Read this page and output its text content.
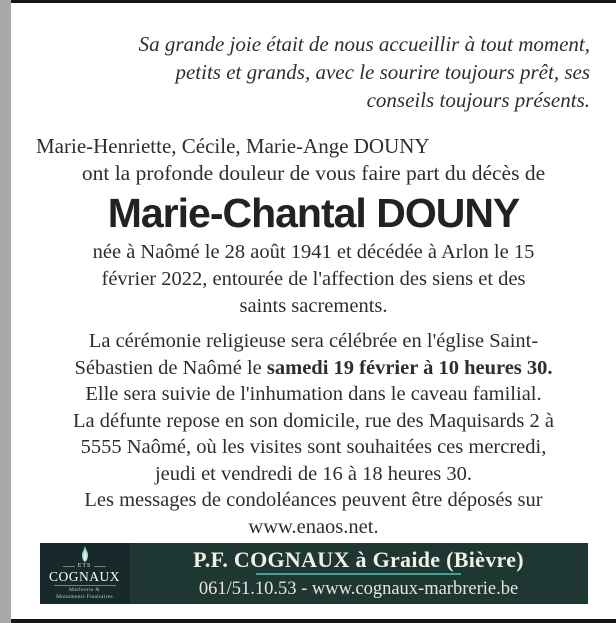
Sa grande joie était de nous accueillir à tout moment,
petits et grands, avec le sourire toujours prêt, ses
conseils toujours présents.
Marie-Henriette, Cécile, Marie-Ange DOUNY
ont la profonde douleur de vous faire part du décès de
Marie-Chantal DOUNY
née à Naômé le 28 août 1941 et décédée à Arlon le 15
février 2022, entourée de l'affection des siens et des
saints sacrements.
La cérémonie religieuse sera célébrée en l'église Saint-
Sébastien de Naômé le samedi 19 février à 10 heures 30.
Elle sera suivie de l'inhumation dans le caveau familial.
La défunte repose en son domicile, rue des Maquisards 2 à
5555 Naômé, où les visites sont souhaitées ces mercredi,
jeudi et vendredi de 16 à 18 heures 30.
Les messages de condoléances peuvent être déposés sur
www.enaos.net.
ETS
COGNAUX
Marbrerie &
Monuments Funéraires
P.F. COGNAUX à Graide (Bièvre)
061/51.10.53 - www.cognaux-marbrerie.be
